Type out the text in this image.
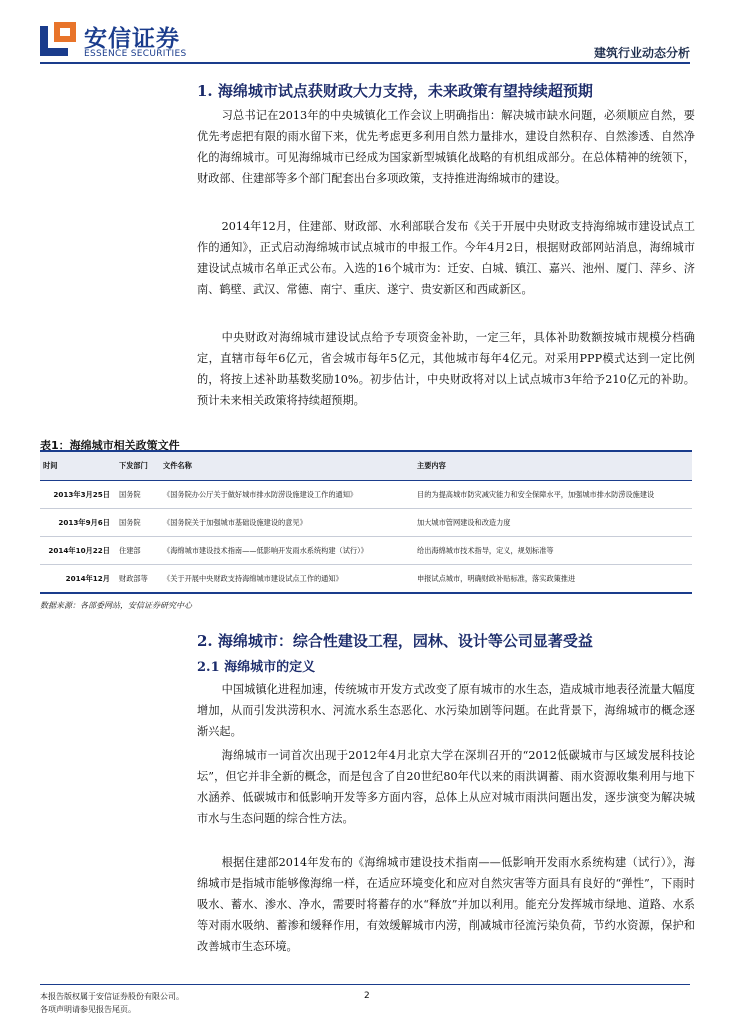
安信证券
ESSENCE SECURITIES	建筑行业动态分析
1. 海绵城市试点获财政大力支持，未来政策有望持续超预期

习总书记在2013年的中央城镇化工作会议上明确指出：解决城市缺水问题，必须顺应自然，要优先考虑把有限的雨水留下来，优先考虑更多利用自然力量排水，建设自然积存、自然渗透、自然净化的海绵城市。可见海绵城市已经成为国家新型城镇化战略的有机组成部分。在总体精神的统领下，财政部、住建部等多个部门配套出台多项政策，支持推进海绵城市的建设。

2014年12月，住建部、财政部、水利部联合发布《关于开展中央财政支持海绵城市建设试点工作的通知》，正式启动海绵城市试点城市的申报工作。今年4月2日，根据财政部网站消息，海绵城市建设试点城市名单正式公布。入选的16个城市为：迁安、白城、镇江、嘉兴、池州、厦门、萍乡、济南、鹤壁、武汉、常德、南宁、重庆、遂宁、贵安新区和西咸新区。

中央财政对海绵城市建设试点给予专项资金补助，一定三年，具体补助数额按城市规模分档确定，直辖市每年6亿元，省会城市每年5亿元，其他城市每年4亿元。对采用PPP模式达到一定比例的，将按上述补助基数奖励10%。初步估计，中央财政将对以上试点城市3年给予210亿元的补助。预计未来相关政策将持续超预期。

表1：海绵城市相关政策文件
时间	下发部门	文件名称	主要内容
2013年3月25日	国务院	《国务院办公厅关于做好城市排水防涝设施建设工作的通知》	目的为提高城市防灾减灾能力和安全保障水平，加强城市排水防涝设施建设
2013年9月6日	国务院	《国务院关于加强城市基础设施建设的意见》	加大城市管网建设和改造力度
2014年10月22日	住建部	《海绵城市建设技术指南——低影响开发雨水系统构建（试行）》	给出海绵城市技术指导，定义，规划标准等
2014年12月	财政部等	《关于开展中央财政支持海绵城市建设试点工作的通知》	申报试点城市，明确财政补贴标准，落实政策推进
数据来源：各部委网站，安信证券研究中心
2. 海绵城市：综合性建设工程，园林、设计等公司显著受益
2.1 海绵城市的定义

中国城镇化进程加速，传统城市开发方式改变了原有城市的水生态，造成城市地表径流量大幅度增加，从而引发洪涝积水、河流水系生态恶化、水污染加剧等问题。在此背景下，海绵城市的概念逐渐兴起。

海绵城市一词首次出现于2012年4月北京大学在深圳召开的“2012低碳城市与区域发展科技论坛”，但它并非全新的概念，而是包含了自20世纪80年代以来的雨洪调蓄、雨水资源收集利用与地下水涵养、低碳城市和低影响开发等多方面内容，总体上从应对城市雨洪问题出发，逐步演变为解决城市水与生态问题的综合性方法。

根据住建部2014年发布的《海绵城市建设技术指南——低影响开发雨水系统构建（试行）》，海绵城市是指城市能够像海绵一样，在适应环境变化和应对自然灾害等方面具有良好的“弹性”，下雨时吸水、蓄水、渗水、净水，需要时将蓄存的水“释放”并加以利用。能充分发挥城市绿地、道路、水系等对雨水吸纳、蓄渗和缓释作用，有效缓解城市内涝，削减城市径流污染负荷，节约水资源，保护和改善城市生态环境。

本报告版权属于安信证券股份有限公司。
各项声明请参见报告尾页。
2
